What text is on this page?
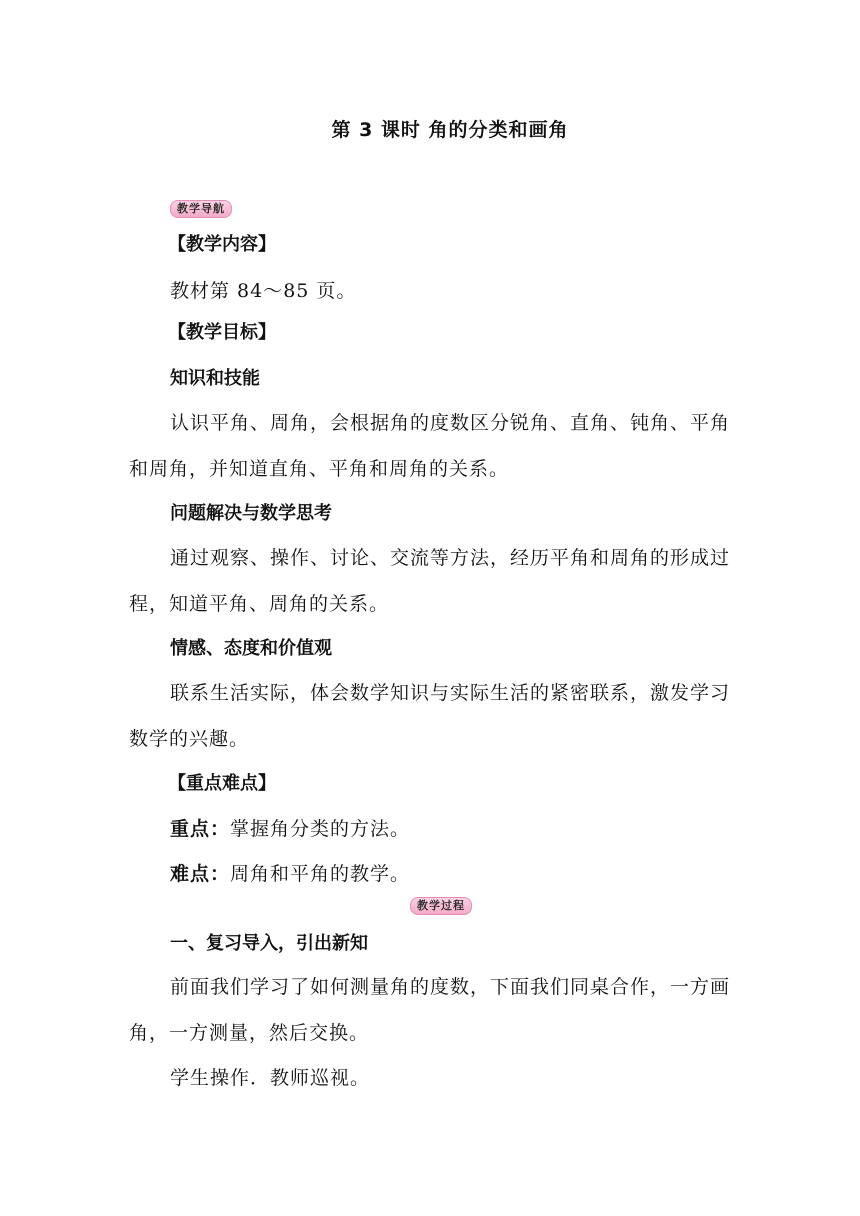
第 3 课时 角的分类和画角
教学导航
【教学内容】
教材第 84～85 页。
【教学目标】
知识和技能
认识平角、周角，会根据角的度数区分锐角、直角、钝角、平角
和周角，并知道直角、平角和周角的关系。
问题解决与数学思考
通过观察、操作、讨论、交流等方法，经历平角和周角的形成过
程，知道平角、周角的关系。
情感、态度和价值观
联系生活实际，体会数学知识与实际生活的紧密联系，激发学习
数学的兴趣。
【重点难点】
重点：掌握角分类的方法。
难点：周角和平角的教学。
教学过程
一、复习导入，引出新知
前面我们学习了如何测量角的度数，下面我们同桌合作，一方画
角，一方测量，然后交换。
学生操作．教师巡视。
